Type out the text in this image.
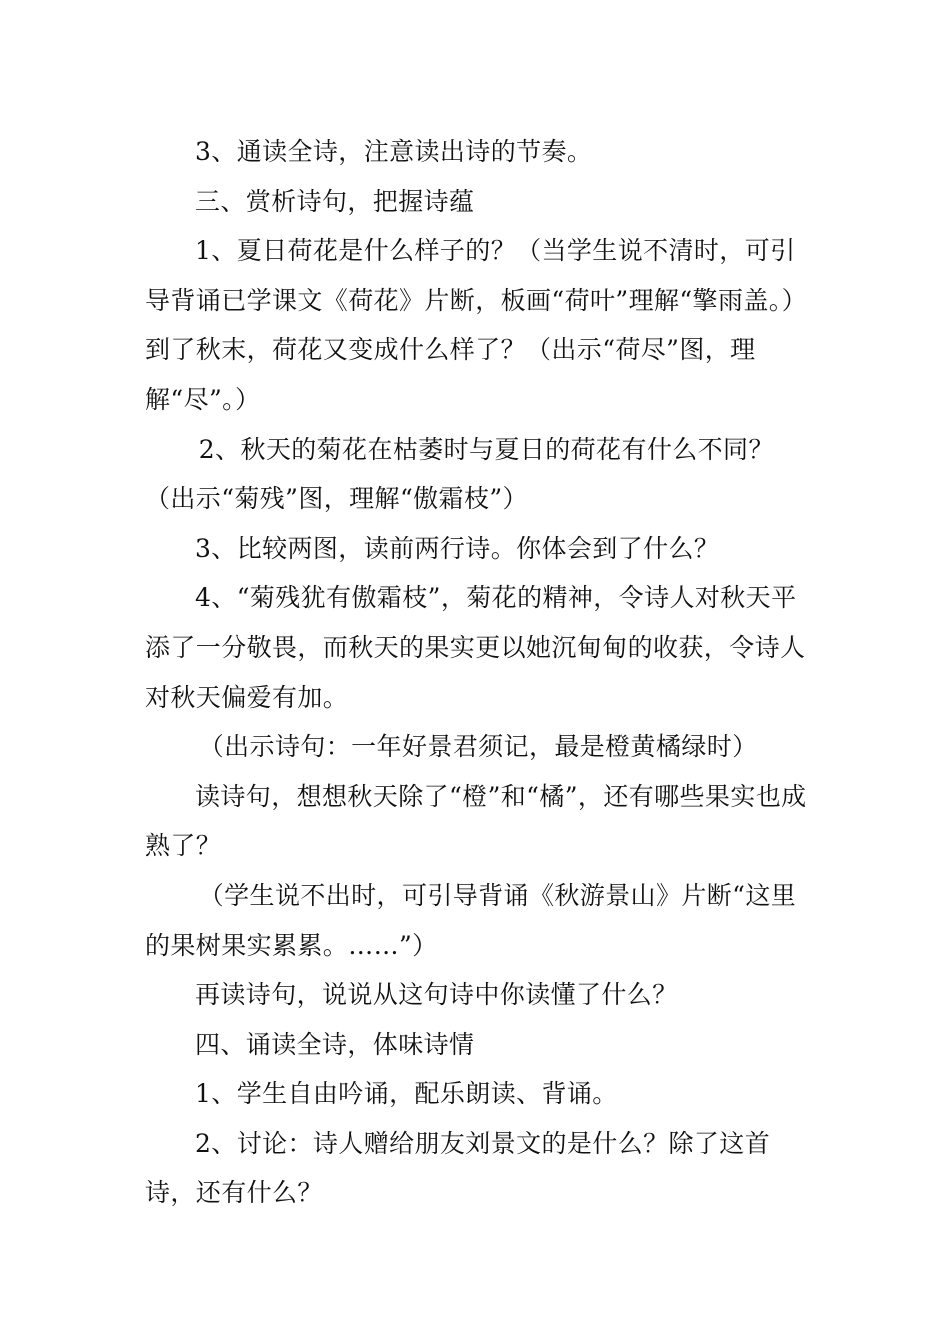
3、通读全诗，注意读出诗的节奏。

三、赏析诗句，把握诗蕴

1、夏日荷花是什么样子的？（当学生说不清时，可引导背诵已学课文《荷花》片断，板画“荷叶”理解“擎雨盖。）到了秋末，荷花又变成什么样了？（出示“荷尽”图，理解“尽”。）

2、秋天的菊花在枯萎时与夏日的荷花有什么不同？（出示“菊残”图，理解“傲霜枝”）

3、比较两图，读前两行诗。你体会到了什么？

4、“菊残犹有傲霜枝”，菊花的精神，令诗人对秋天平添了一分敬畏，而秋天的果实更以她沉甸甸的收获，令诗人对秋天偏爱有加。

（出示诗句：一年好景君须记，最是橙黄橘绿时）

读诗句，想想秋天除了“橙”和“橘”，还有哪些果实也成熟了？

（学生说不出时，可引导背诵《秋游景山》片断“这里的果树果实累累。……”）

再读诗句，说说从这句诗中你读懂了什么？

四、诵读全诗，体味诗情

1、学生自由吟诵，配乐朗读、背诵。

2、讨论：诗人赠给朋友刘景文的是什么？除了这首诗，还有什么？
